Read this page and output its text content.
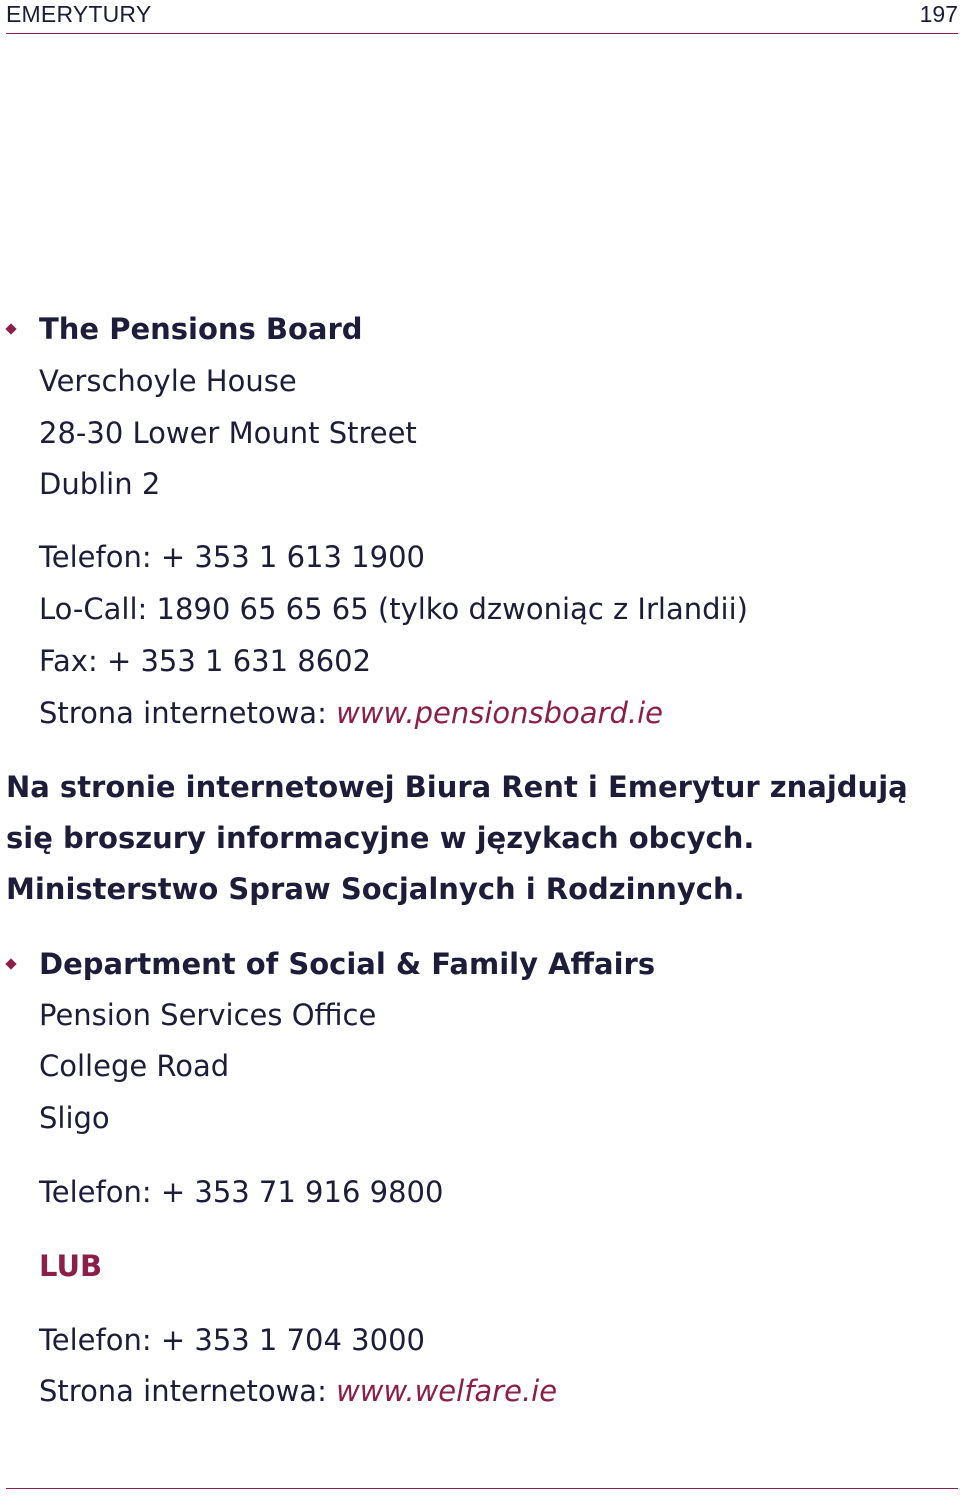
EMERYTURY	197
The Pensions Board
Verschoyle House
28-30 Lower Mount Street
Dublin 2
Telefon: + 353 1 613 1900
Lo-Call: 1890 65 65 65 (tylko dzwoniąc z Irlandii)
Fax: + 353 1 631 8602
Strona internetowa: www.pensionsboard.ie
Na stronie internetowej Biura Rent i Emerytur znajdują się broszury informacyjne w językach obcych. Ministerstwo Spraw Socjalnych i Rodzinnych.
Department of Social & Family Affairs
Pension Services Office
College Road
Sligo
Telefon: + 353 71 916 9800
LUB
Telefon: + 353 1 704 3000
Strona internetowa: www.welfare.ie
